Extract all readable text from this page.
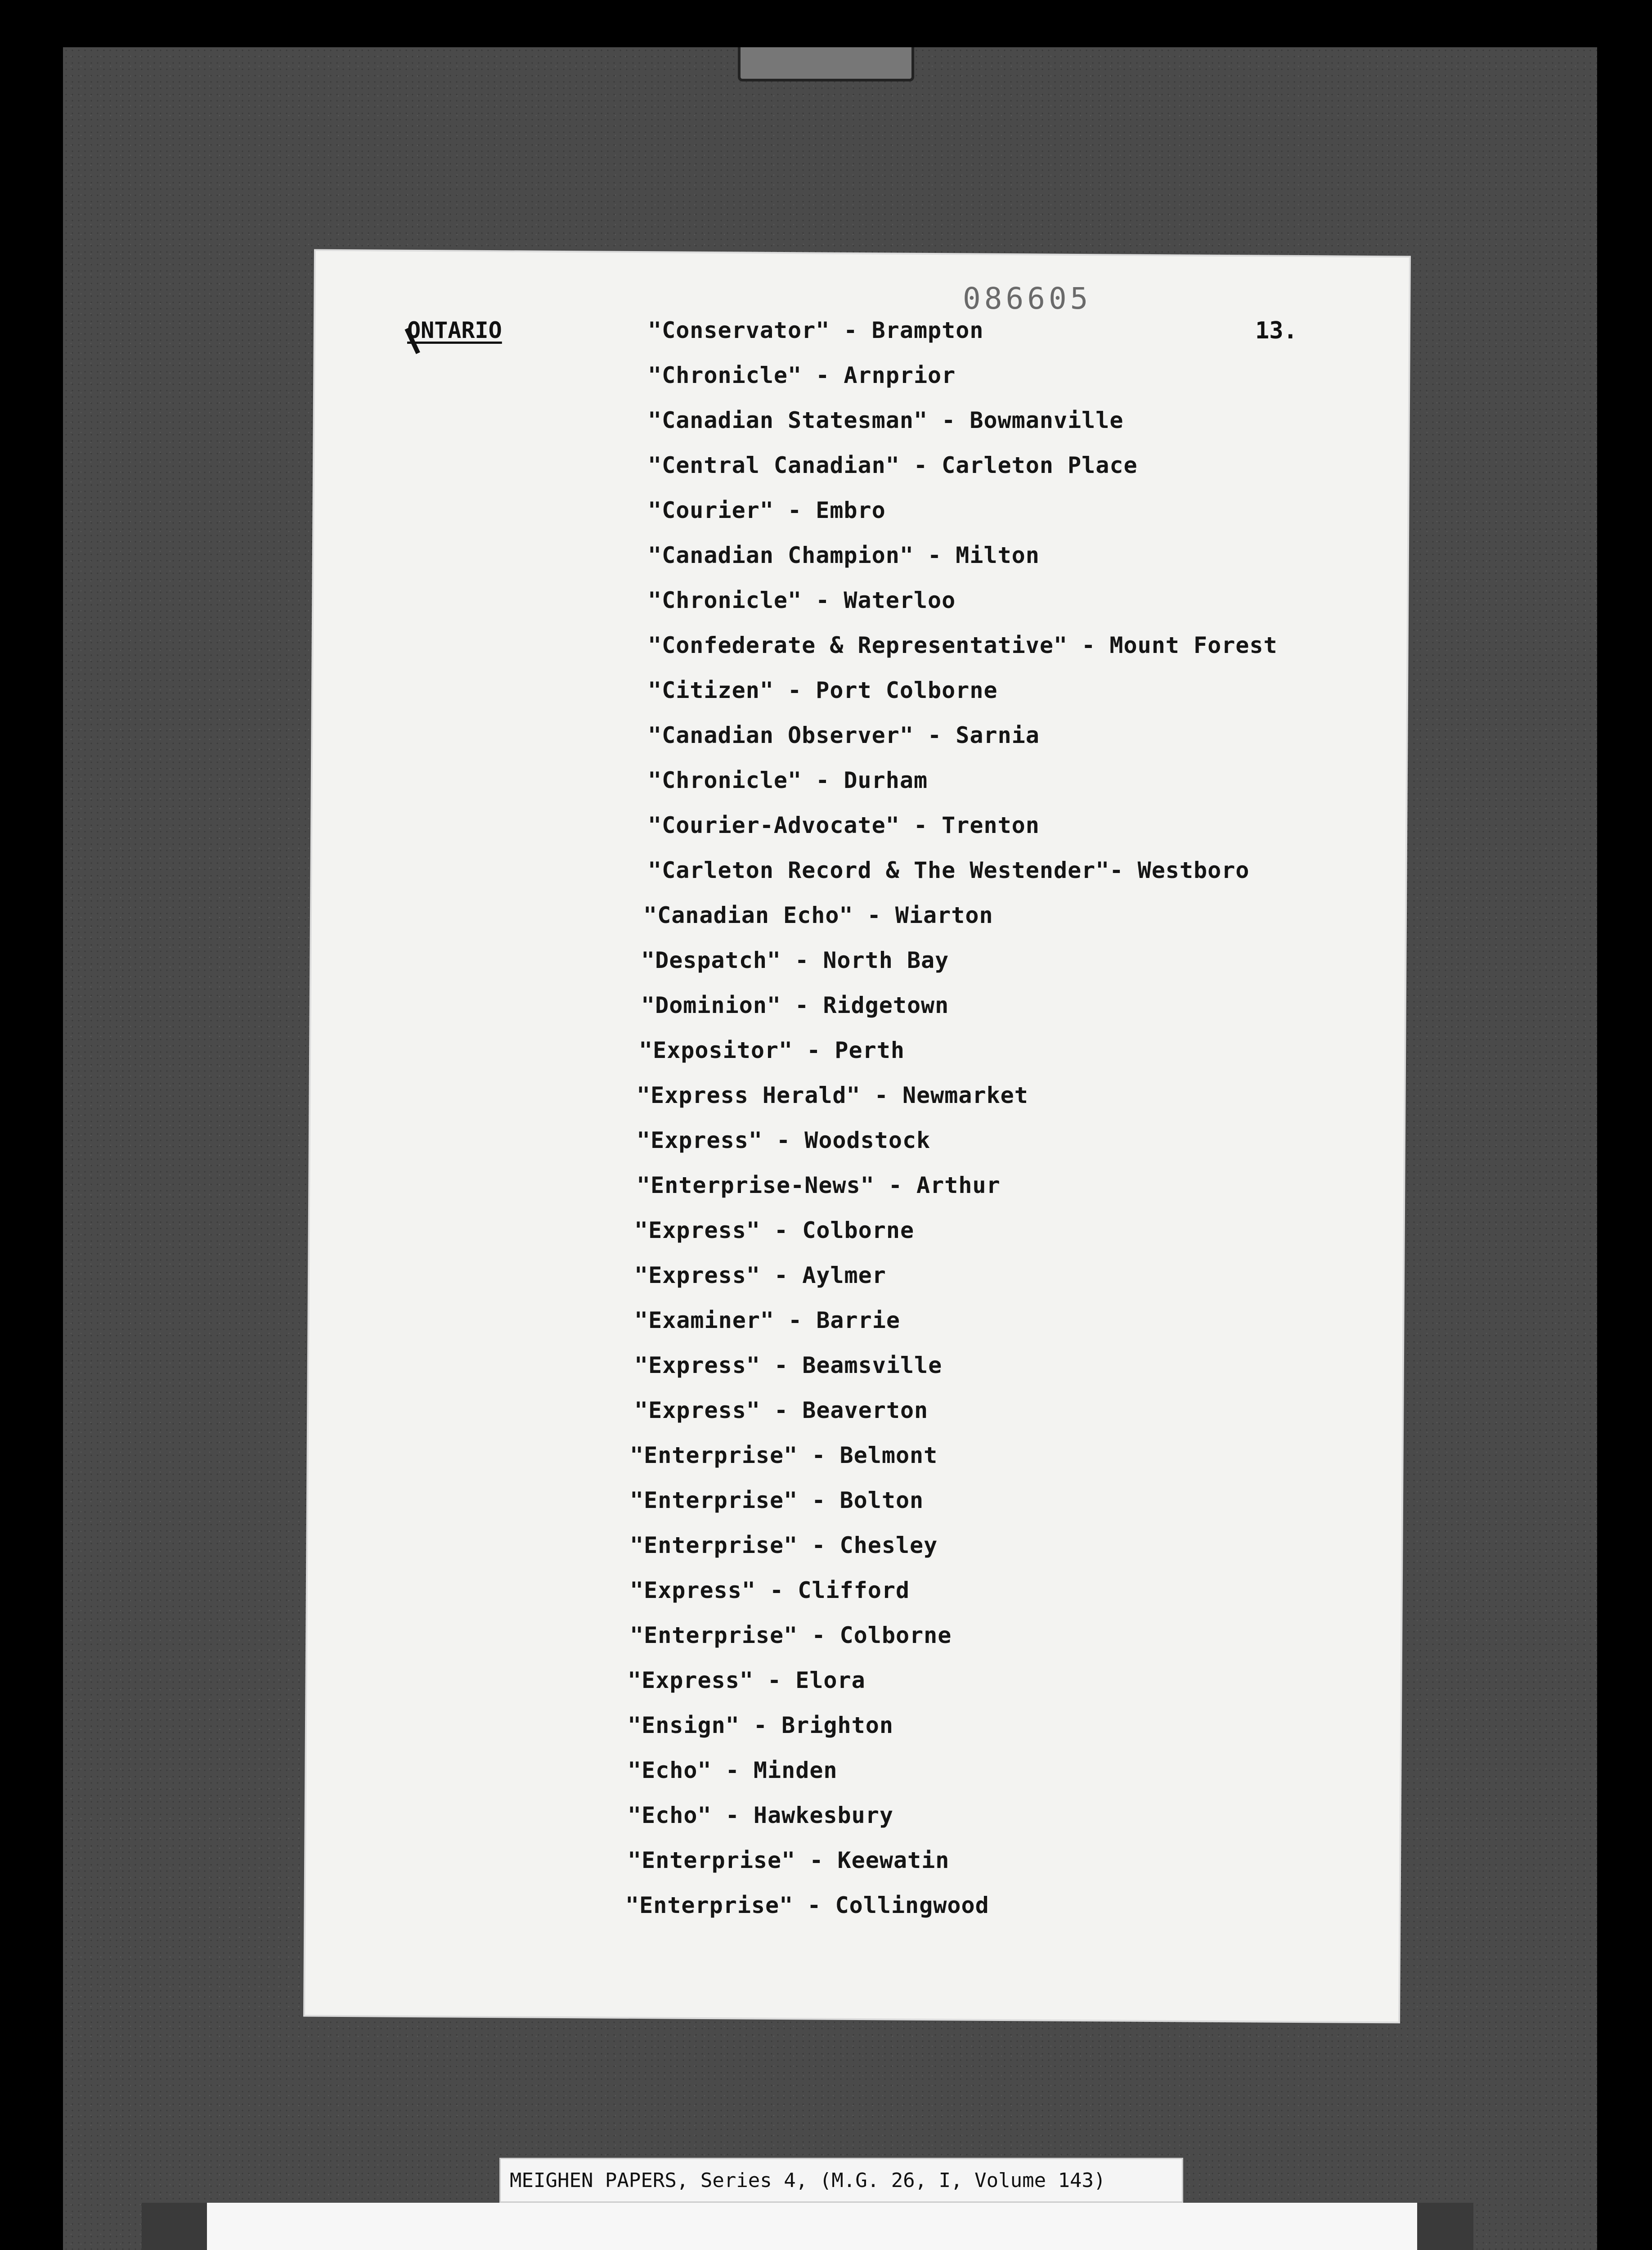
086605
13.
ONTARIO	"Conservator" - Brampton
"Chronicle" - Arnprior
"Canadian Statesman" - Bowmanville
"Central Canadian" - Carleton Place
"Courier" - Embro
"Canadian Champion" - Milton
"Chronicle" - Waterloo
"Confederate & Representative" - Mount Forest
"Citizen" - Port Colborne
"Canadian Observer" - Sarnia
"Chronicle" - Durham
"Courier-Advocate" - Trenton
"Carleton Record & The Westender"- Westboro
"Canadian Echo" - Wiarton
"Despatch" - North Bay
"Dominion" - Ridgetown
"Expositor" - Perth
"Express Herald" - Newmarket
"Express" - Woodstock
"Enterprise-News" - Arthur
"Express" - Colborne
"Express" - Aylmer
"Examiner" - Barrie
"Express" - Beamsville
"Express" - Beaverton
"Enterprise" - Belmont
"Enterprise" - Bolton
"Enterprise" - Chesley
"Express" - Clifford
"Enterprise" - Colborne
"Express" - Elora
"Ensign" - Brighton
"Echo" - Minden
"Echo" - Hawkesbury
"Enterprise" - Keewatin
"Enterprise" - Collingwood
MEIGHEN PAPERS, Series 4, (M.G. 26, I, Volume 143)
